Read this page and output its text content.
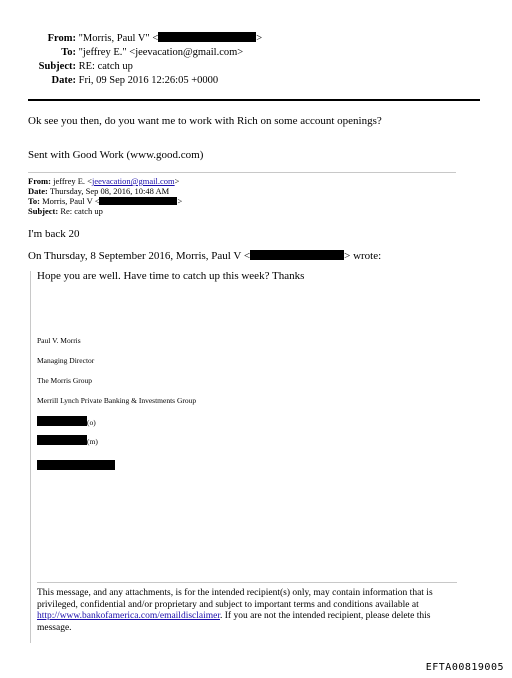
From: "Morris, Paul V" <	>
To: "jeffrey E." <jeevacation@gmail.com>
Subject: RE: catch up
Date: Fri, 09 Sep 2016 12:26:05 +0000
Ok see you then, do you want me to work with Rich on some account openings?
Sent with Good Work (www.good.com)
From: jeffrey E. <jeevacation@gmail.com>
Date: Thursday, Sep 08, 2016, 10:48 AM
To: Morris, Paul V <	>
Subject: Re: catch up
I'm back 20
On Thursday, 8 September 2016, Morris, Paul V <	> wrote:
Hope you are well. Have time to catch up this week? Thanks
Paul V. Morris
Managing Director
The Morris Group
Merrill Lynch Private Banking & Investments Group
(o)
(m)
This message, and any attachments, is for the intended recipient(s) only, may contain information that is privileged, confidential and/or proprietary and subject to important terms and conditions available at http://www.bankofamerica.com/emaildisclaimer. If you are not the intended recipient, please delete this message.
EFTA00819005
